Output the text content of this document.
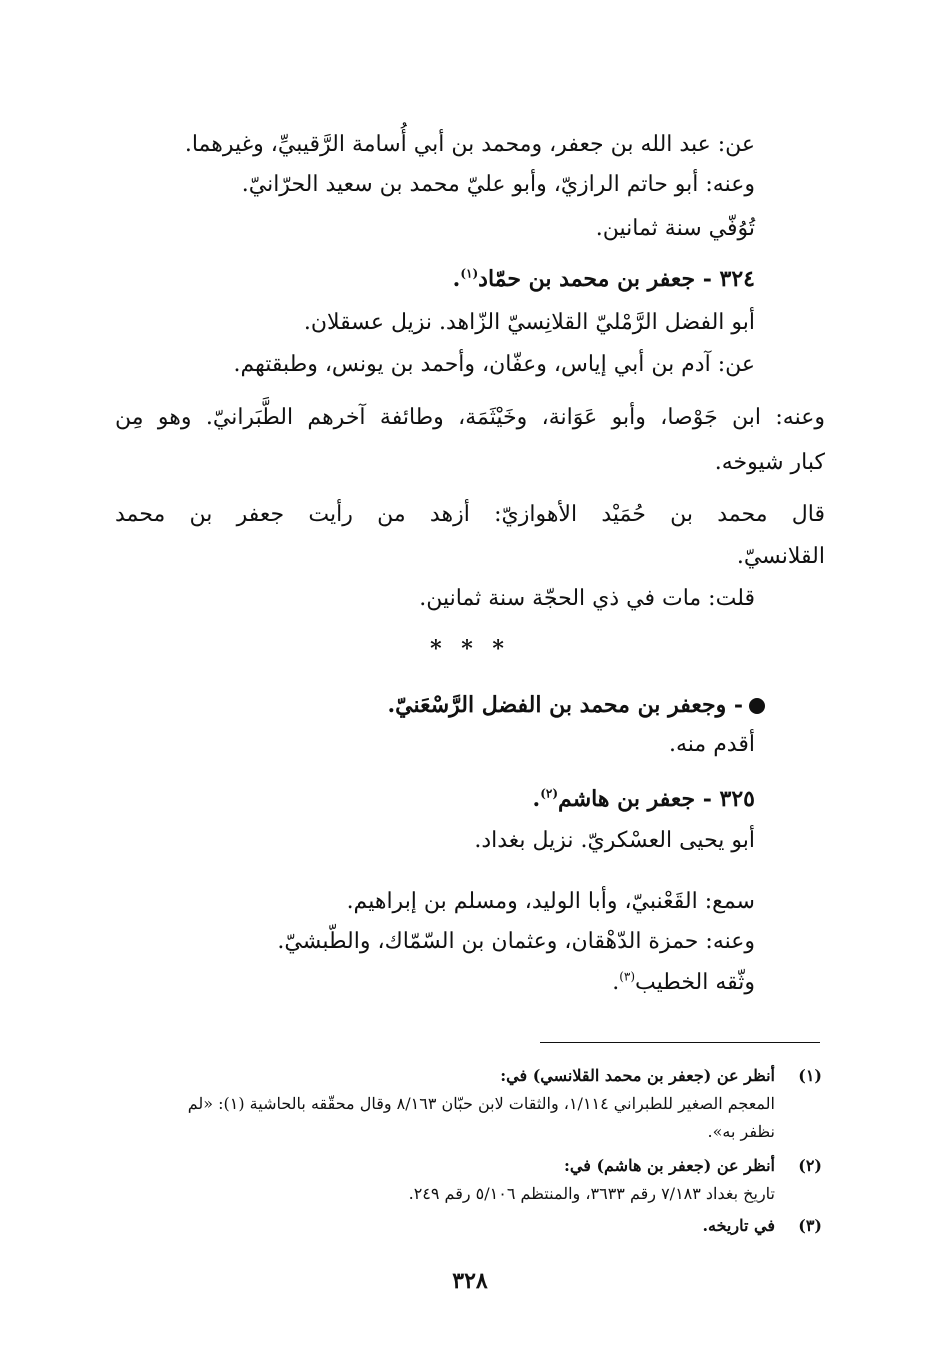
عن: عبد الله بن جعفر، ومحمد بن أبي أُسامة الرَّقيبيِّ، وغيرهما.
وعنه: أبو حاتم الرازيّ، وأبو عليّ محمد بن سعيد الحرّانيّ.
تُوُفّي سنة ثمانين.
٣٢٤ - جعفر بن محمد بن حمّاد$^{(١)}$.
أبو الفضل الرَّمْليّ القلانِسيّ الزّاهد. نزيل عسقلان.
عن: آدم بن أبي إياس، وعفّان، وأحمد بن يونس، وطبقتهم.
وعنه: ابن جَوْصا، وأبو عَوَانة، وخَيْثَمَة، وطائفة آخرهم الطَّبَرانيّ. وهو مِن
كبار شيوخه.
قال محمد بن حُمَيْد الأهوازيّ: أزهد من رأيت جعفر بن محمد
القلانسيّ.
قلت: مات في ذي الحجّة سنة ثمانين.
* * *
- وجعفر بن محمد بن الفضل الرَّسْعَنيّ.
أقدم منه.
٣٢٥ - جعفر بن هاشم$^{(٢)}$.
أبو يحيى العسْكريّ. نزيل بغداد.
سمع: القَعْنبيّ، وأبا الوليد، ومسلم بن إبراهيم.
وعنه: حمزة الدّهْقان، وعثمان بن السّمّاك، والطّبشيّ.
وثّقه الخطيب$^{(٣)}$.
(١)
أنظر عن (جعفر بن محمد القلانسي) في:
المعجم الصغير للطبراني ١/١١٤، والثقات لابن حبّان ٨/١٦٣ وقال محقّقه بالحاشية (١): «لم
نظفر به».
(٢)
أنظر عن (جعفر بن هاشم) في:
تاريخ بغداد ٧/١٨٣ رقم ٣٦٣٣، والمنتظم ٥/١٠٦ رقم ٢٤٩.
(٣)
في تاريخه.
٣٢٨
